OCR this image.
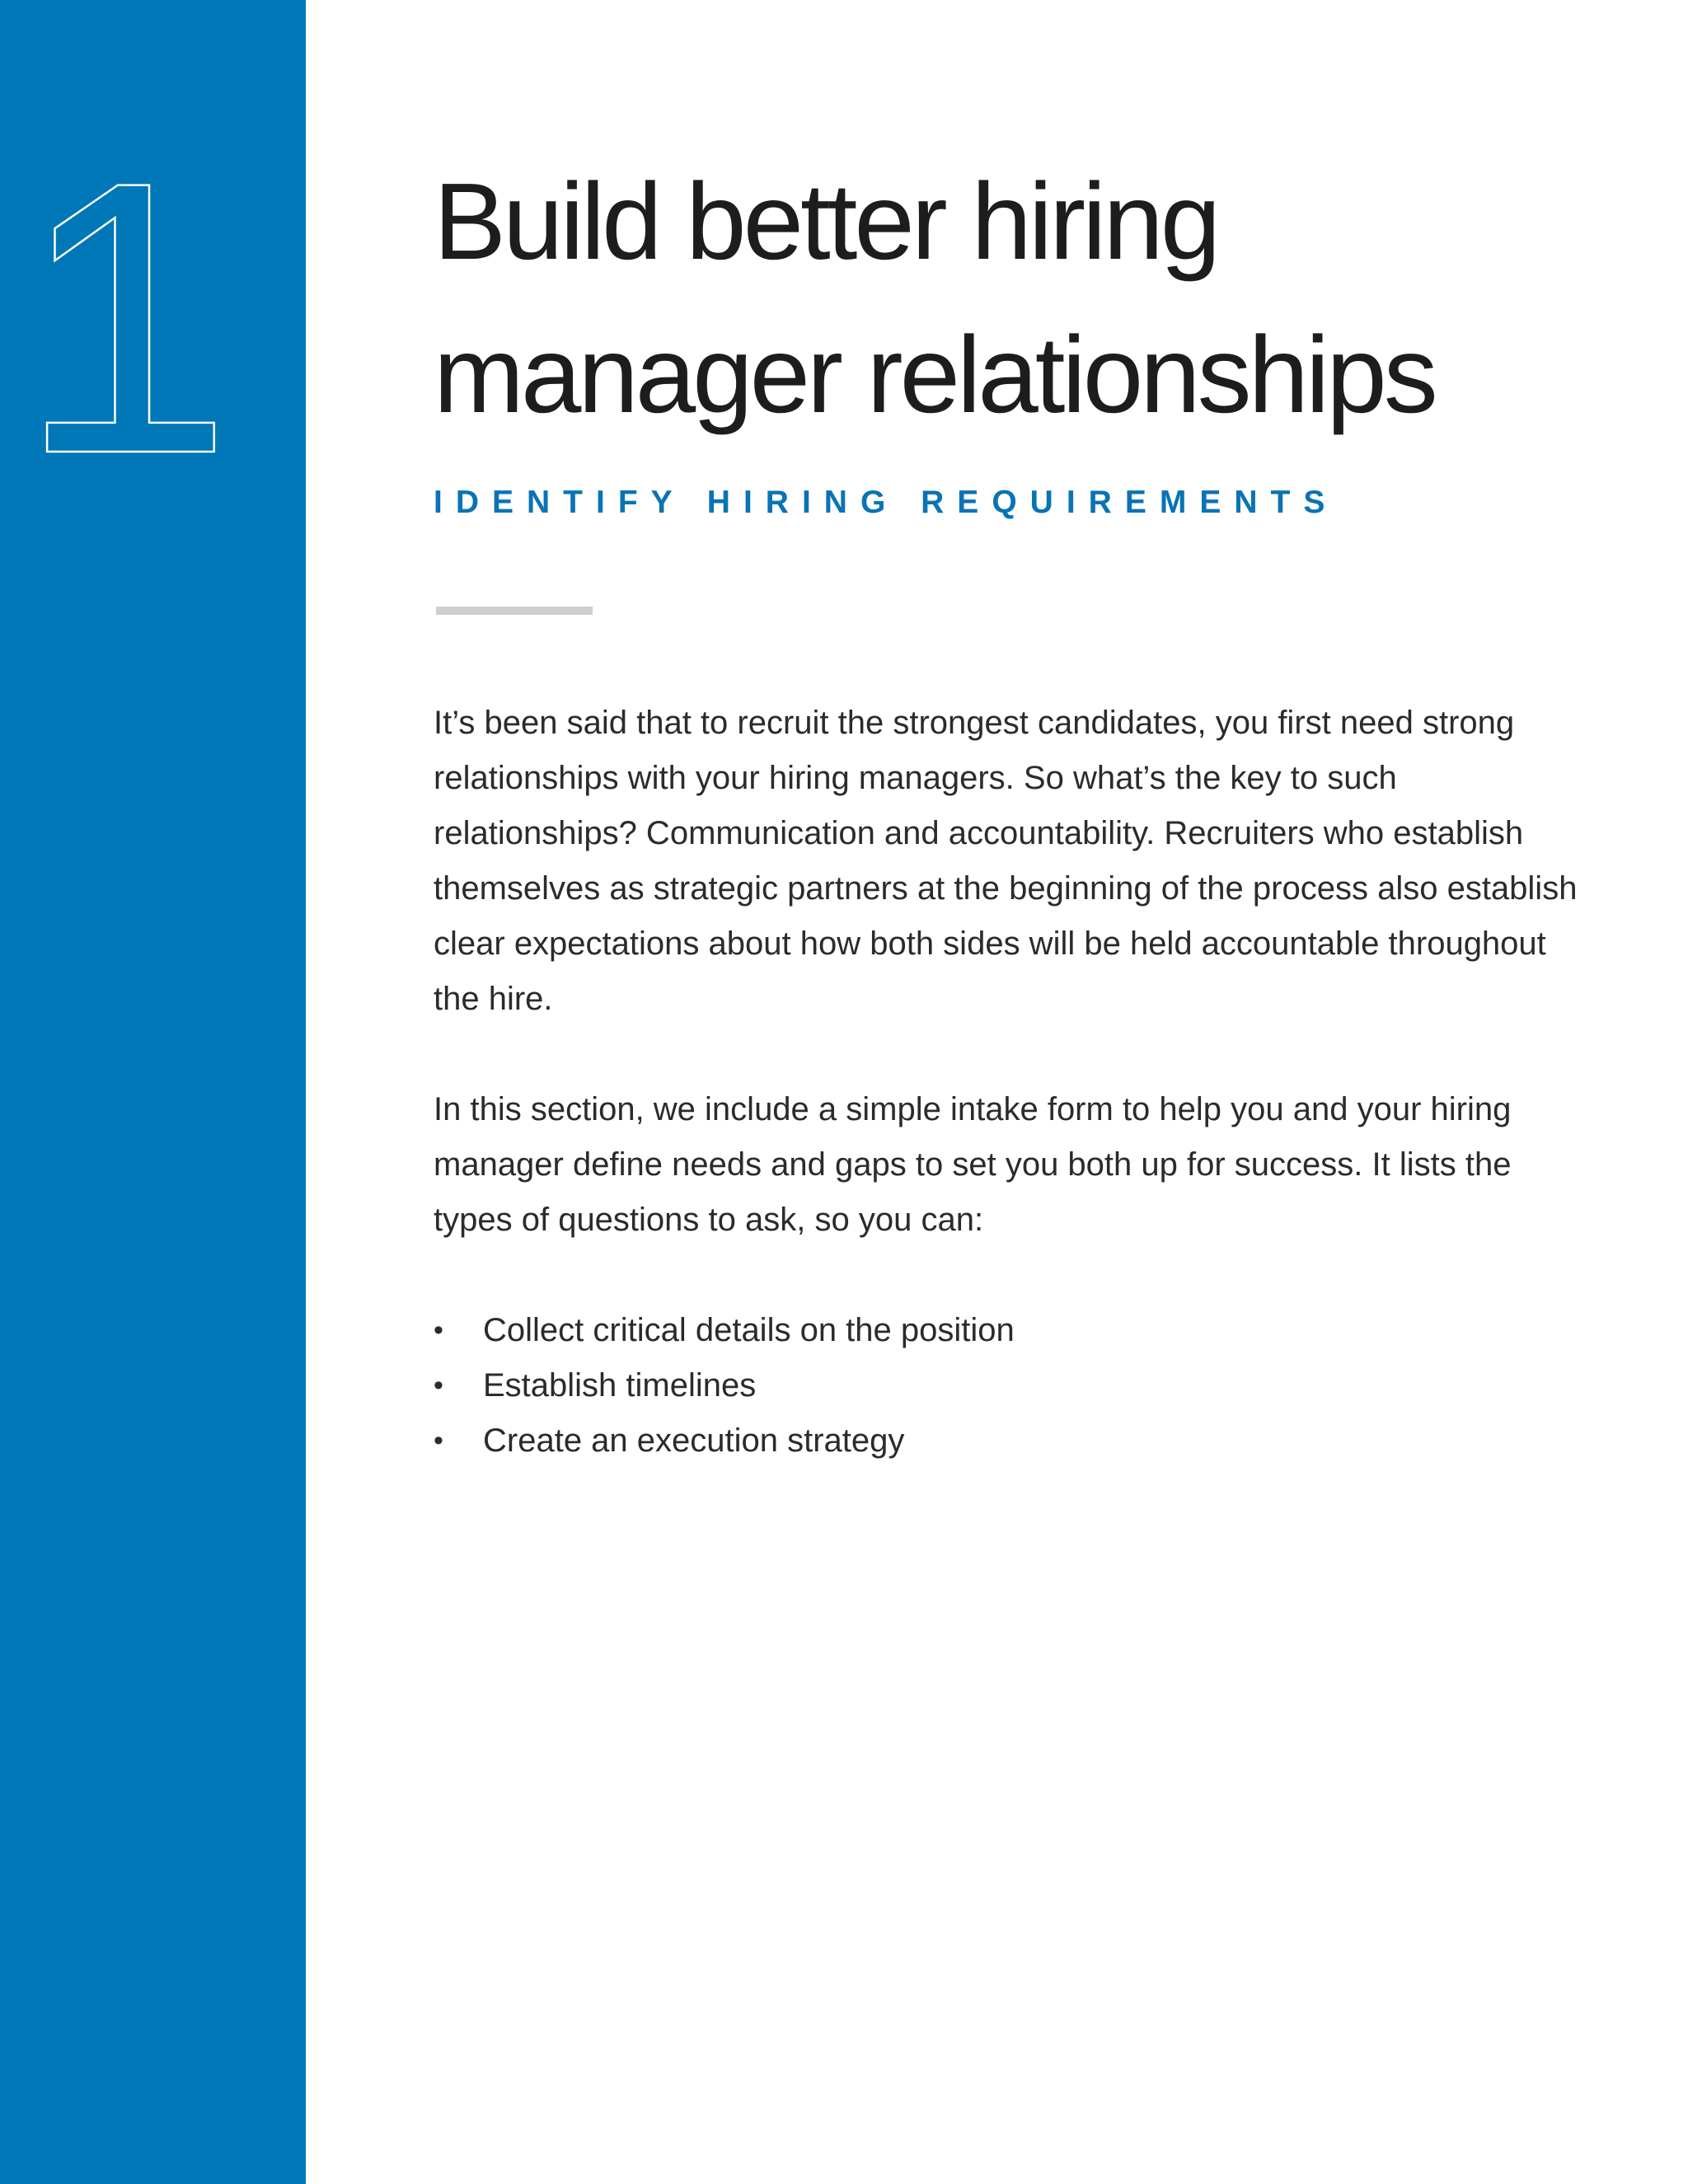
1 Build better hiring
manager relationships
IDENTIFY HIRING REQUIREMENTS

It’s been said that to recruit the strongest candidates, you first need strong relationships with your hiring managers. So what’s the key to such relationships? Communication and accountability. Recruiters who establish themselves as strategic partners at the beginning of the process also establish clear expectations about how both sides will be held accountable throughout the hire.

In this section, we include a simple intake form to help you and your hiring manager define needs and gaps to set you both up for success. It lists the types of questions to ask, so you can:

• Collect critical details on the position
• Establish timelines
• Create an execution strategy
